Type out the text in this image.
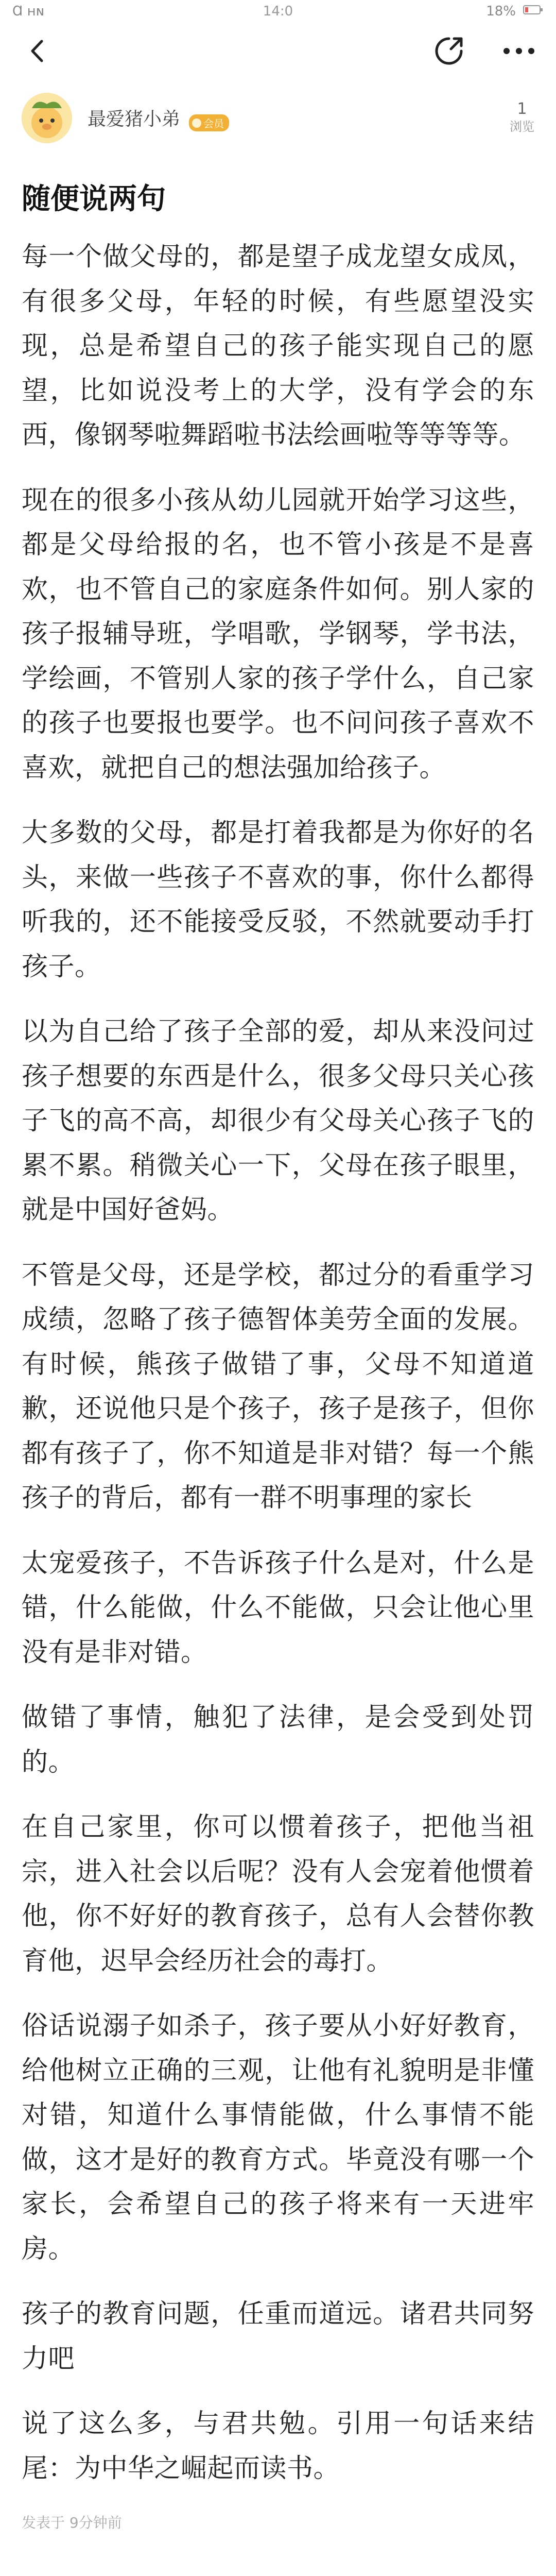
Ɑ ʜɴ	14:0	18%
最爱猪小弟 会员
1
浏览
随便说两句

每一个做父母的，都是望子成龙望女成凤，有很多父母，年轻的时候，有些愿望没实现，总是希望自己的孩子能实现自己的愿望，比如说没考上的大学，没有学会的东西，像钢琴啦舞蹈啦书法绘画啦等等等等。

现在的很多小孩从幼儿园就开始学习这些，都是父母给报的名，也不管小孩是不是喜欢，也不管自己的家庭条件如何。别人家的孩子报辅导班，学唱歌，学钢琴，学书法，学绘画，不管别人家的孩子学什么，自己家的孩子也要报也要学。也不问问孩子喜欢不喜欢，就把自己的想法强加给孩子。

大多数的父母，都是打着我都是为你好的名头，来做一些孩子不喜欢的事，你什么都得听我的，还不能接受反驳，不然就要动手打孩子。

以为自己给了孩子全部的爱，却从来没问过孩子想要的东西是什么，很多父母只关心孩子飞的高不高，却很少有父母关心孩子飞的累不累。稍微关心一下，父母在孩子眼里，就是中国好爸妈。

不管是父母，还是学校，都过分的看重学习成绩，忽略了孩子德智体美劳全面的发展。有时候，熊孩子做错了事，父母不知道道歉，还说他只是个孩子，孩子是孩子，但你都有孩子了，你不知道是非对错？每一个熊孩子的背后，都有一群不明事理的家长

太宠爱孩子，不告诉孩子什么是对，什么是错，什么能做，什么不能做，只会让他心里没有是非对错。

做错了事情，触犯了法律，是会受到处罚的。

在自己家里，你可以惯着孩子，把他当祖宗，进入社会以后呢？没有人会宠着他惯着他，你不好好的教育孩子，总有人会替你教育他，迟早会经历社会的毒打。

俗话说溺子如杀子，孩子要从小好好教育，给他树立正确的三观，让他有礼貌明是非懂对错，知道什么事情能做，什么事情不能做，这才是好的教育方式。毕竟没有哪一个家长，会希望自己的孩子将来有一天进牢房。

孩子的教育问题，任重而道远。诸君共同努力吧

说了这么多，与君共勉。引用一句话来结尾：为中华之崛起而读书。

发表于 9分钟前
